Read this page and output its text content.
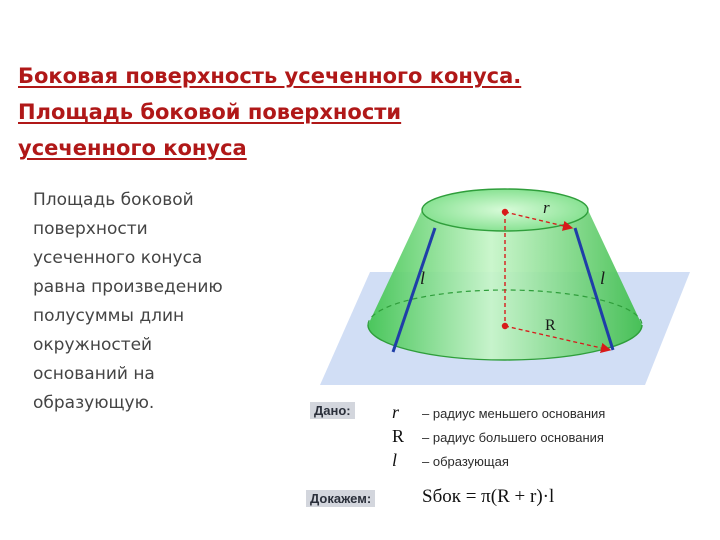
Боковая поверхность усеченного конуса.
Площадь боковой поверхности
усеченного конуса
Площадь боковой
поверхности
усеченного конуса
равна произведению
полусуммы длин
окружностей
оснований на
образующую.
r
R
l	l
Дано: r – радиус меньшего основания
R – радиус большего основания
l – образующая
Докажем:	Sбок = π(R + r)·l
